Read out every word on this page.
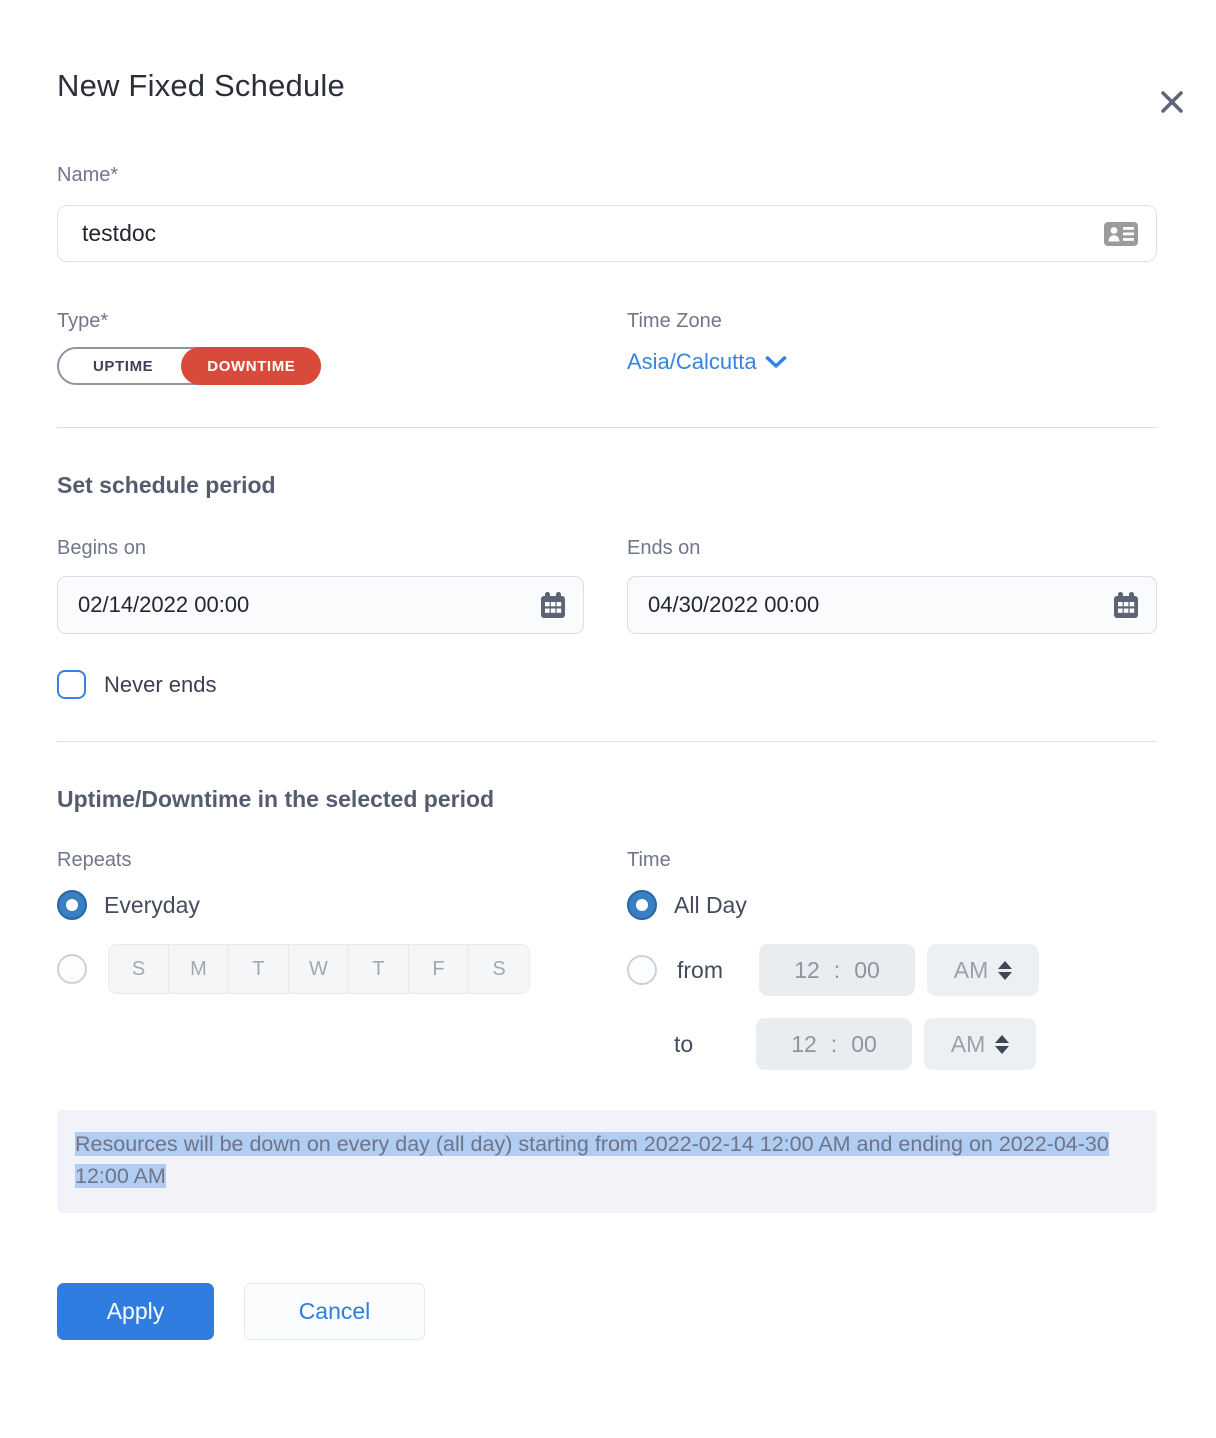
New Fixed Schedule
Name*
testdoc
Type*
UPTIME	DOWNTIME
Time Zone
Asia/Calcutta
Set schedule period
Begins on
02/14/2022 00:00	Ends on
04/30/2022 00:00
Never ends
Uptime/Downtime in the selected period
Repeats
Everyday
S	M	T	W	T	F	S
Time
All Day
from	12 : 00	AM
to	12 : 00	AM
Resources will be down on every day (all day) starting from 2022-02-14 12:00 AM and ending on 2022-04-30 12:00 AM
Apply	Cancel
